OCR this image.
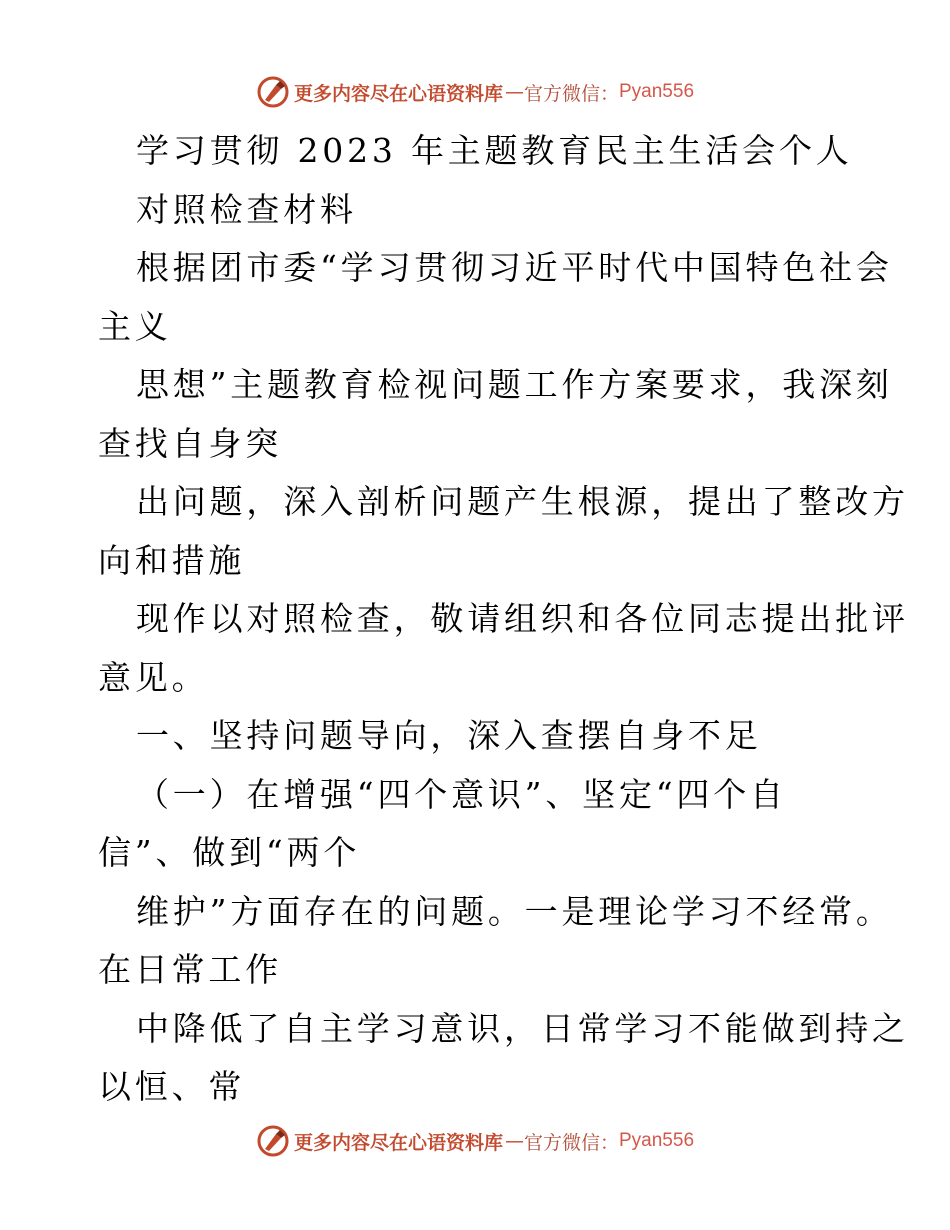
更多内容尽在心语资料库 — 官方微信： Pyan556
学习贯彻 2023 年主题教育民主生活会个人
对照检查材料
根据团市委“学习贯彻习近平时代中国特色社会
主义
思想”主题教育检视问题工作方案要求，我深刻
查找自身突
出问题，深入剖析问题产生根源，提出了整改方
向和措施
现作以对照检查，敬请组织和各位同志提出批评
意见。
一、坚持问题导向，深入查摆自身不足
（一）在增强“四个意识”、坚定“四个自
信”、做到“两个
维护”方面存在的问题。一是理论学习不经常。
在日常工作
中降低了自主学习意识，日常学习不能做到持之
以恒、常
更多内容尽在心语资料库 — 官方微信： Pyan556
